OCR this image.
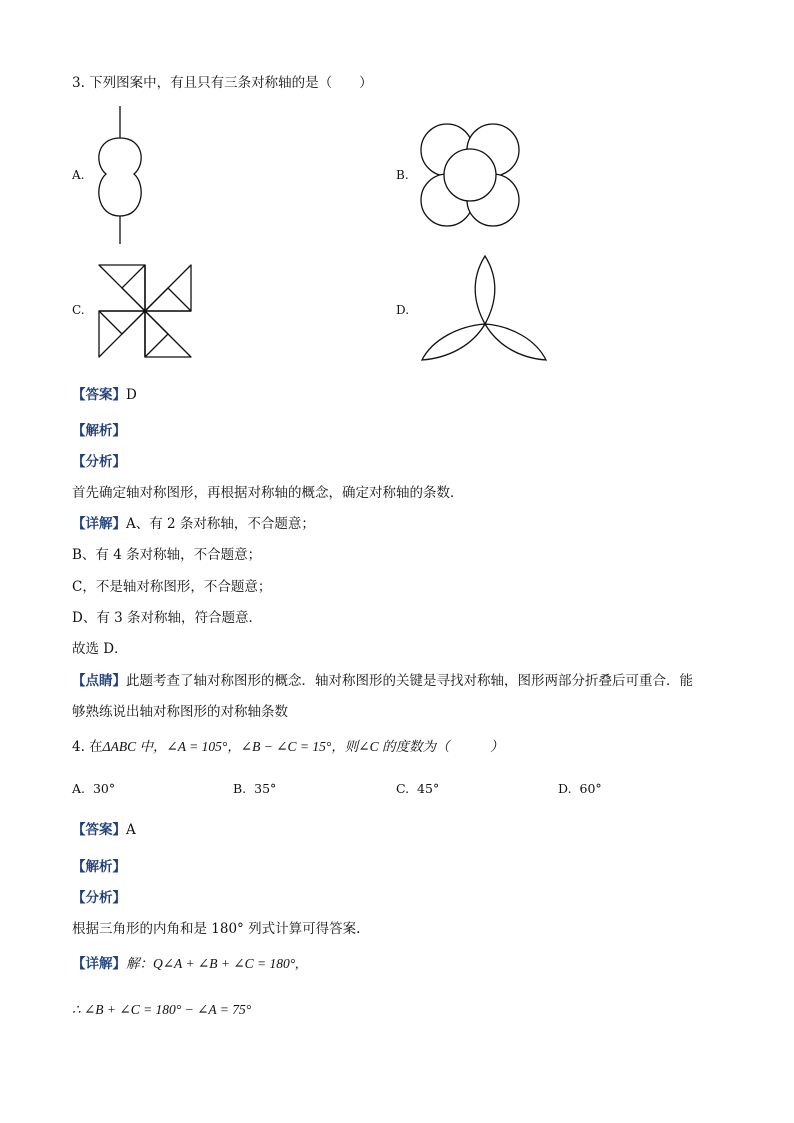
3. 下列图案中，有且只有三条对称轴的是（　　）
A.	B.
C.	D.
【答案】D
【解析】
【分析】
首先确定轴对称图形，再根据对称轴的概念，确定对称轴的条数．
【详解】A、有 2 条对称轴，不合题意；
B、有 4 条对称轴，不合题意；
C，不是轴对称图形，不合题意；
D、有 3 条对称轴，符合题意．
故选 D．
【点睛】此题考查了轴对称图形的概念．轴对称图形的关键是寻找对称轴，图形两部分折叠后可重合．能
够熟练说出轴对称图形的对称轴条数
4. 在ΔABC 中，∠A = 105°，∠B − ∠C = 15°，则∠C 的度数为（　　　）
A. 30°	B. 35°	C. 45°	D. 60°
【答案】A
【解析】
【分析】
根据三角形的内角和是 180° 列式计算可得答案.
【详解】解：Q∠A + ∠B + ∠C = 180°,
∴ ∠B + ∠C = 180° − ∠A = 75°
